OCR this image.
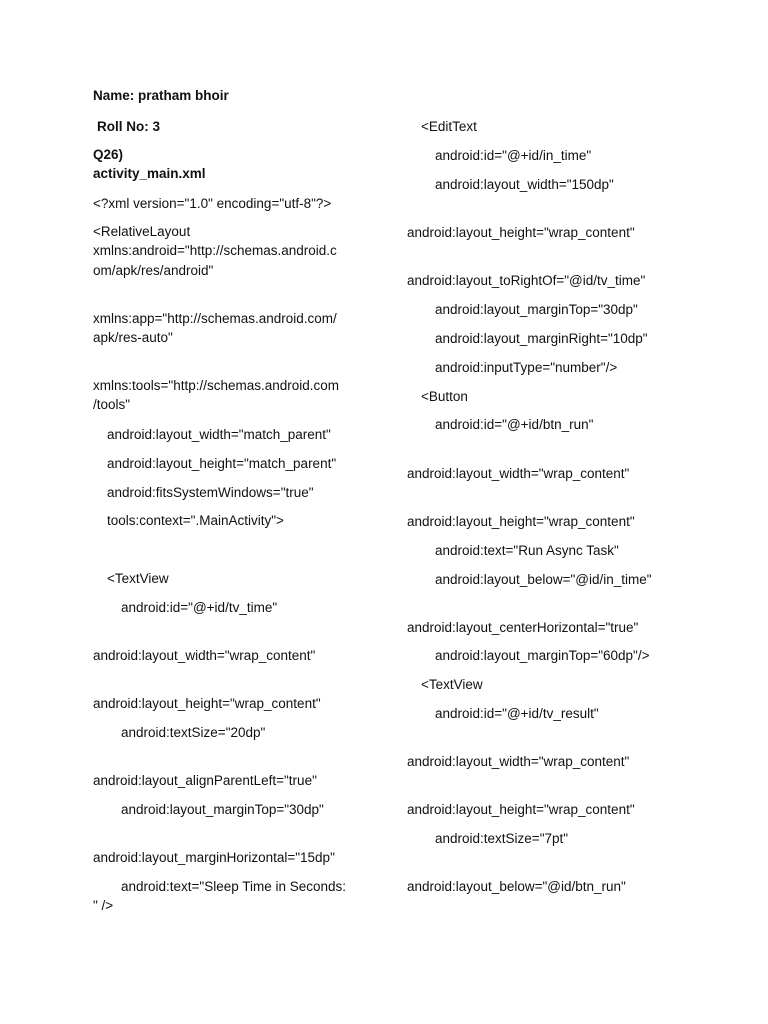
Name: pratham bhoir
Roll No: 3
Q26)
activity_main.xml
<?xml version="1.0" encoding="utf-8"?>
<RelativeLayout
xmlns:android="http://schemas.android.c
om/apk/res/android"
xmlns:app="http://schemas.android.com/
apk/res-auto"
xmlns:tools="http://schemas.android.com
/tools"
android:layout_width="match_parent"
android:layout_height="match_parent"
android:fitsSystemWindows="true"
tools:context=".MainActivity">
<TextView
android:id="@+id/tv_time"
android:layout_width="wrap_content"
android:layout_height="wrap_content"
android:textSize="20dp"
android:layout_alignParentLeft="true"
android:layout_marginTop="30dp"
android:layout_marginHorizontal="15dp"
android:text="Sleep Time in Seconds:
" />
<EditText
android:id="@+id/in_time"
android:layout_width="150dp"
android:layout_height="wrap_content"
android:layout_toRightOf="@id/tv_time"
android:layout_marginTop="30dp"
android:layout_marginRight="10dp"
android:inputType="number"/>
<Button
android:id="@+id/btn_run"
android:layout_width="wrap_content"
android:layout_height="wrap_content"
android:text="Run Async Task"
android:layout_below="@id/in_time"
android:layout_centerHorizontal="true"
android:layout_marginTop="60dp"/>
<TextView
android:id="@+id/tv_result"
android:layout_width="wrap_content"
android:layout_height="wrap_content"
android:textSize="7pt"
android:layout_below="@id/btn_run"
